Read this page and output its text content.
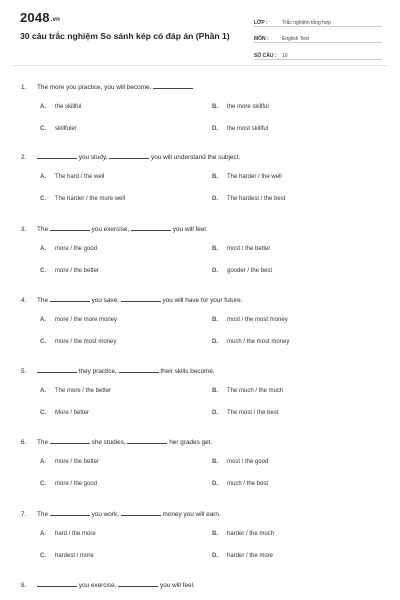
2048.vn
30 câu trắc nghiệm So sánh kép có đáp án (Phần 1)
LỚP :	Trắc nghiệm tổng hợp
MÔN :	English Test
SỐ CÂU :	10
1. The more you practice, you will become.
A. the skillful	B. the more skillful
C. skillfuler	D. the most skillful
2.	you study,	you will understand the subject.
A. The hard / the well	B. The harder / the well
C. The harder / the more well	D. The hardest / the best
3. The	you exercise,	you will feel.
A. more / the good	B. most / the better
C. more / the better	D. gooder / the best
4. The	you save,	you will have for your future.
A. more / the more money	B. most / the most money
C. more / the most money	D. much / the most money
5.	they practice,	their skills become.
A. The more / the better	B. The much / the much
C. More / better	D. The most / the best
6. The	she studies,	her grades get.
A. more / the better	B. most / the good
C. more / the good	D. much / the best
7. The	you work,	money you will earn.
A. hard / the more	B. harder / the much
C. hardest / more	D. harder / the more
8.	you exercise,	you will feel.
